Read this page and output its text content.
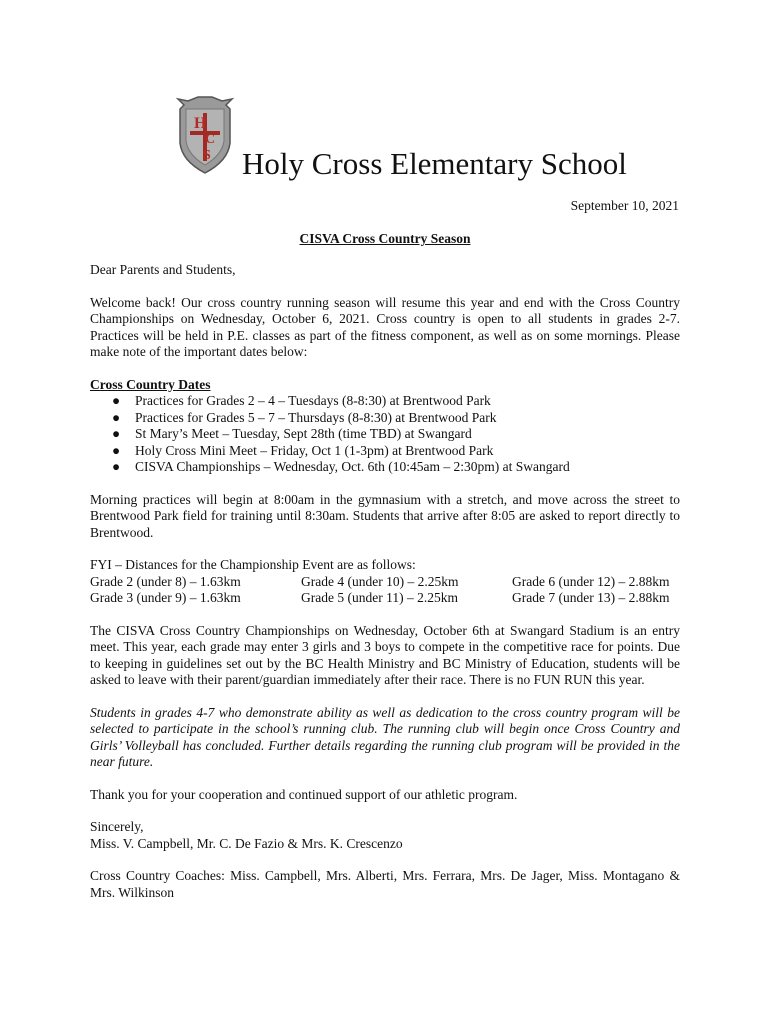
H
C
S Holy Cross Elementary School
September 10, 2021
CISVA Cross Country Season
Dear Parents and Students,
Welcome back! Our cross country running season will resume this year and end with the Cross Country Championships on Wednesday, October 6, 2021. Cross country is open to all students in grades 2-7. Practices will be held in P.E. classes as part of the fitness component, as well as on some mornings. Please make note of the important dates below:
Cross Country Dates
● Practices for Grades 2 – 4 – Tuesdays (8-8:30) at Brentwood Park
● Practices for Grades 5 – 7 – Thursdays (8-8:30) at Brentwood Park
● St Mary’s Meet – Tuesday, Sept 28th (time TBD) at Swangard
● Holy Cross Mini Meet – Friday, Oct 1 (1-3pm) at Brentwood Park
● CISVA Championships – Wednesday, Oct. 6th (10:45am – 2:30pm) at Swangard
Morning practices will begin at 8:00am in the gymnasium with a stretch, and move across the street to Brentwood Park field for training until 8:30am. Students that arrive after 8:05 are asked to report directly to Brentwood.
FYI – Distances for the Championship Event are as follows:
Grade 2 (under 8) – 1.63km	Grade 4 (under 10) – 2.25km	Grade 6 (under 12) – 2.88km
Grade 3 (under 9) – 1.63km	Grade 5 (under 11) – 2.25km	Grade 7 (under 13) – 2.88km
The CISVA Cross Country Championships on Wednesday, October 6th at Swangard Stadium is an entry meet. This year, each grade may enter 3 girls and 3 boys to compete in the competitive race for points. Due to keeping in guidelines set out by the BC Health Ministry and BC Ministry of Education, students will be asked to leave with their parent/guardian immediately after their race. There is no FUN RUN this year.
Students in grades 4-7 who demonstrate ability as well as dedication to the cross country program will be selected to participate in the school’s running club. The running club will begin once Cross Country and Girls’ Volleyball has concluded. Further details regarding the running club program will be provided in the near future.
Thank you for your cooperation and continued support of our athletic program.
Sincerely,
Miss. V. Campbell, Mr. C. De Fazio & Mrs. K. Crescenzo
Cross Country Coaches: Miss. Campbell, Mrs. Alberti, Mrs. Ferrara, Mrs. De Jager, Miss. Montagano & Mrs. Wilkinson
